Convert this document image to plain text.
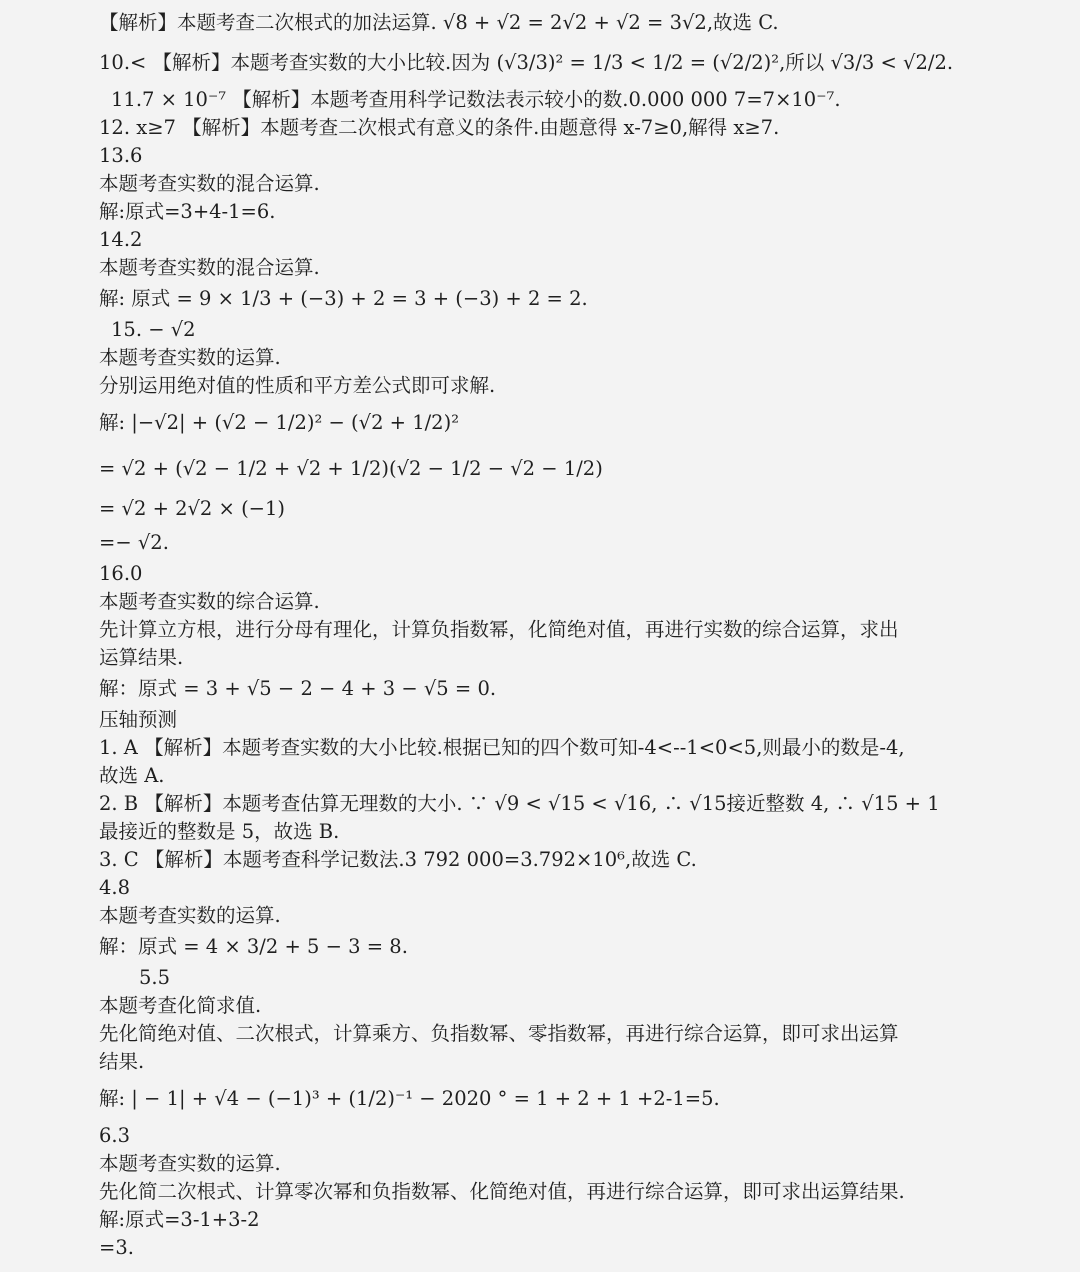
【解析】本题考查二次根式的加法运算. √8 + √2 = 2√2 + √2 = 3√2,故选 C.
10.< 【解析】本题考查实数的大小比较.因为 (√3/3)² = 1/3 < 1/2 = (√2/2)²,所以 √3/3 < √2/2.
11.7 × 10⁻⁷ 【解析】本题考查用科学记数法表示较小的数.0.000 000 7=7×10⁻⁷.
12. x≥7 【解析】本题考查二次根式有意义的条件.由题意得 x-7≥0,解得 x≥7.
13.6
本题考查实数的混合运算.
解:原式=3+4-1=6.
14.2
本题考查实数的混合运算.
解: 原式 = 9 × 1/3 + (−3) + 2 = 3 + (−3) + 2 = 2.
15. − √2
本题考查实数的运算.
分别运用绝对值的性质和平方差公式即可求解.
解: |−√2| + (√2 − 1/2)² − (√2 + 1/2)²
= √2 + (√2 − 1/2 + √2 + 1/2)(√2 − 1/2 − √2 − 1/2)
= √2 + 2√2 × (−1)
=− √2.
16.0
本题考查实数的综合运算.
先计算立方根，进行分母有理化，计算负指数幂，化简绝对值，再进行实数的综合运算，求出
运算结果.
解：原式 = 3 + √5 − 2 − 4 + 3 − √5 = 0.
压轴预测
1. A 【解析】本题考查实数的大小比较.根据已知的四个数可知-4<--1<0<5,则最小的数是-4,
故选 A.
2. B 【解析】本题考查估算无理数的大小. ∵ √9 < √15 < √16, ∴ √15接近整数 4, ∴ √15 + 1
最接近的整数是 5，故选 B.
3. C 【解析】本题考查科学记数法.3 792 000=3.792×10⁶,故选 C.
4.8
本题考查实数的运算.
解：原式 = 4 × 3/2 + 5 − 3 = 8.
5.5
本题考查化简求值.
先化简绝对值、二次根式，计算乘方、负指数幂、零指数幂，再进行综合运算，即可求出运算
结果.
解: | − 1| + √4 − (−1)³ + (1/2)⁻¹ − 2020 ° = 1 + 2 + 1 +2-1=5.
6.3
本题考查实数的运算.
先化简二次根式、计算零次幂和负指数幂、化简绝对值，再进行综合运算，即可求出运算结果.
解:原式=3-1+3-2
=3.
